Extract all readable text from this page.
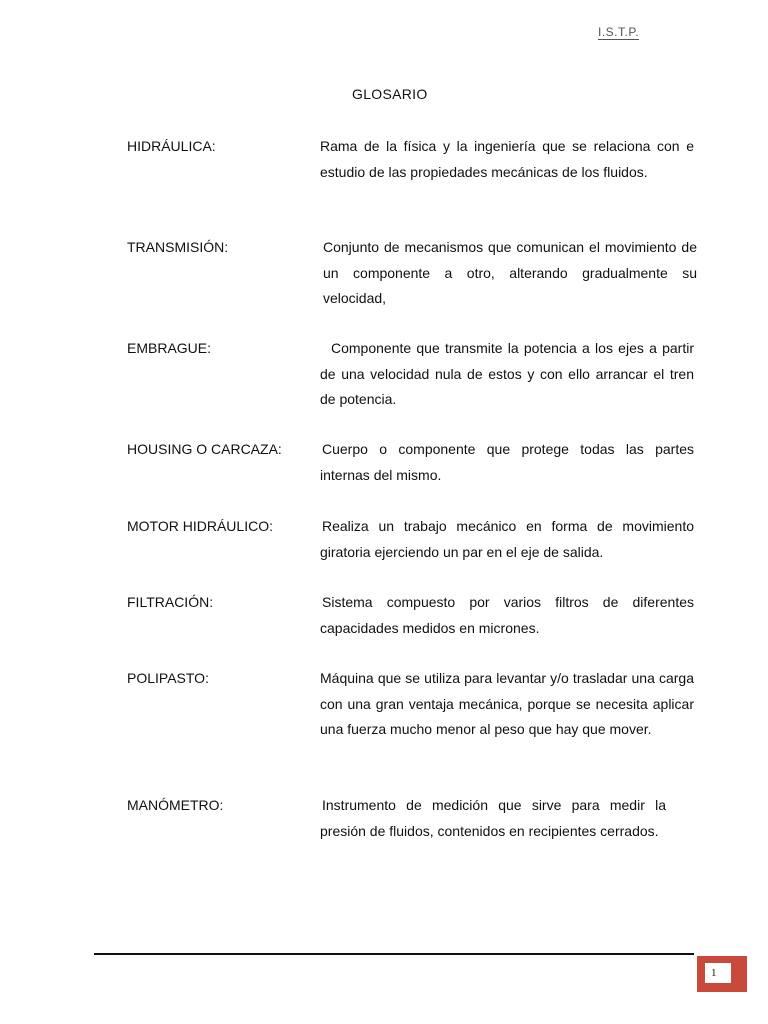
I.S.T.P.
GLOSARIO
HIDRÁULICA:	Rama de la física y la ingeniería que se relaciona con e estudio de las propiedades mecánicas de los fluidos.
TRANSMISIÓN:	Conjunto de mecanismos que comunican el movimiento de un componente a otro, alterando gradualmente su velocidad,
EMBRAGUE:	Componente que transmite la potencia a los ejes a partir de una velocidad nula de estos y con ello arrancar el tren de potencia.
HOUSING O CARCAZA:	Cuerpo o componente que protege todas las partes internas del mismo.
MOTOR HIDRÁULICO:	Realiza un trabajo mecánico en forma de movimiento giratoria ejerciendo un par en el eje de salida.
FILTRACIÓN:	Sistema compuesto por varios filtros de diferentes capacidades medidos en micrones.
POLIPASTO:	Máquina que se utiliza para levantar y/o trasladar una carga con una gran ventaja mecánica, porque se necesita aplicar una fuerza mucho menor al peso que hay que mover.
MANÓMETRO:	Instrumento de medición que sirve para medir la presión de fluidos, contenidos en recipientes cerrados.
1
